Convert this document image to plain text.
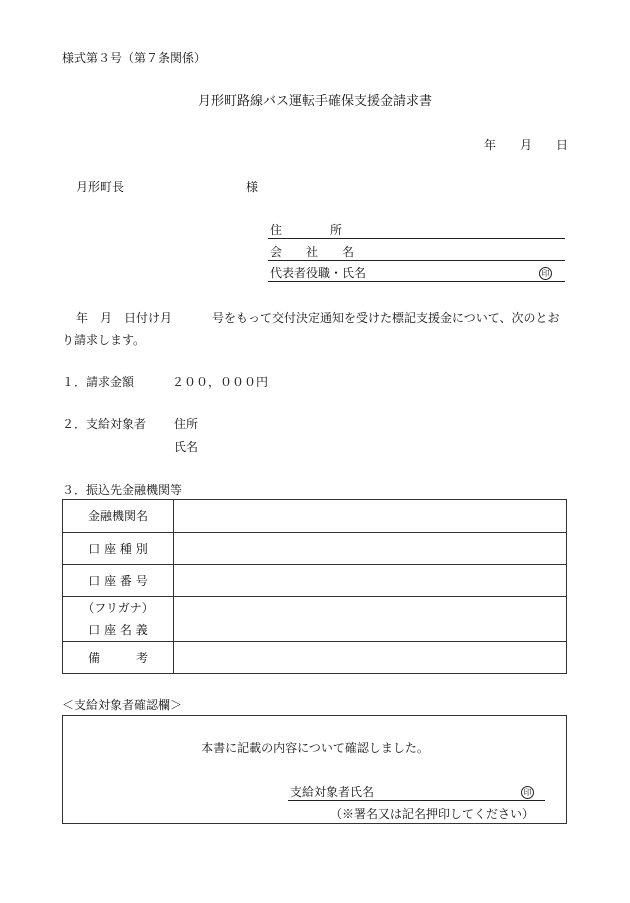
様式第３号（第７条関係）
月形町路線バス運転手確保支援金請求書
年 月 日
月形町長	様
住　　　　所
会　　社　　名
代表者役職・氏名	印
年　月　日付け月	号をもって交付決定通知を受けた標記支援金について、次のとお
り請求します。
１．請求金額	２００，０００円
２．支給対象者 住所
氏名
３．振込先金融機関等
金融機関名	
口 座 種 別	
口 座 番 号	

（フリガナ）
口 座 名 義	

備　　　考	
＜支給対象者確認欄＞
本書に記載の内容について確認しました。
支給対象者氏名	印
（※署名又は記名押印してください）
